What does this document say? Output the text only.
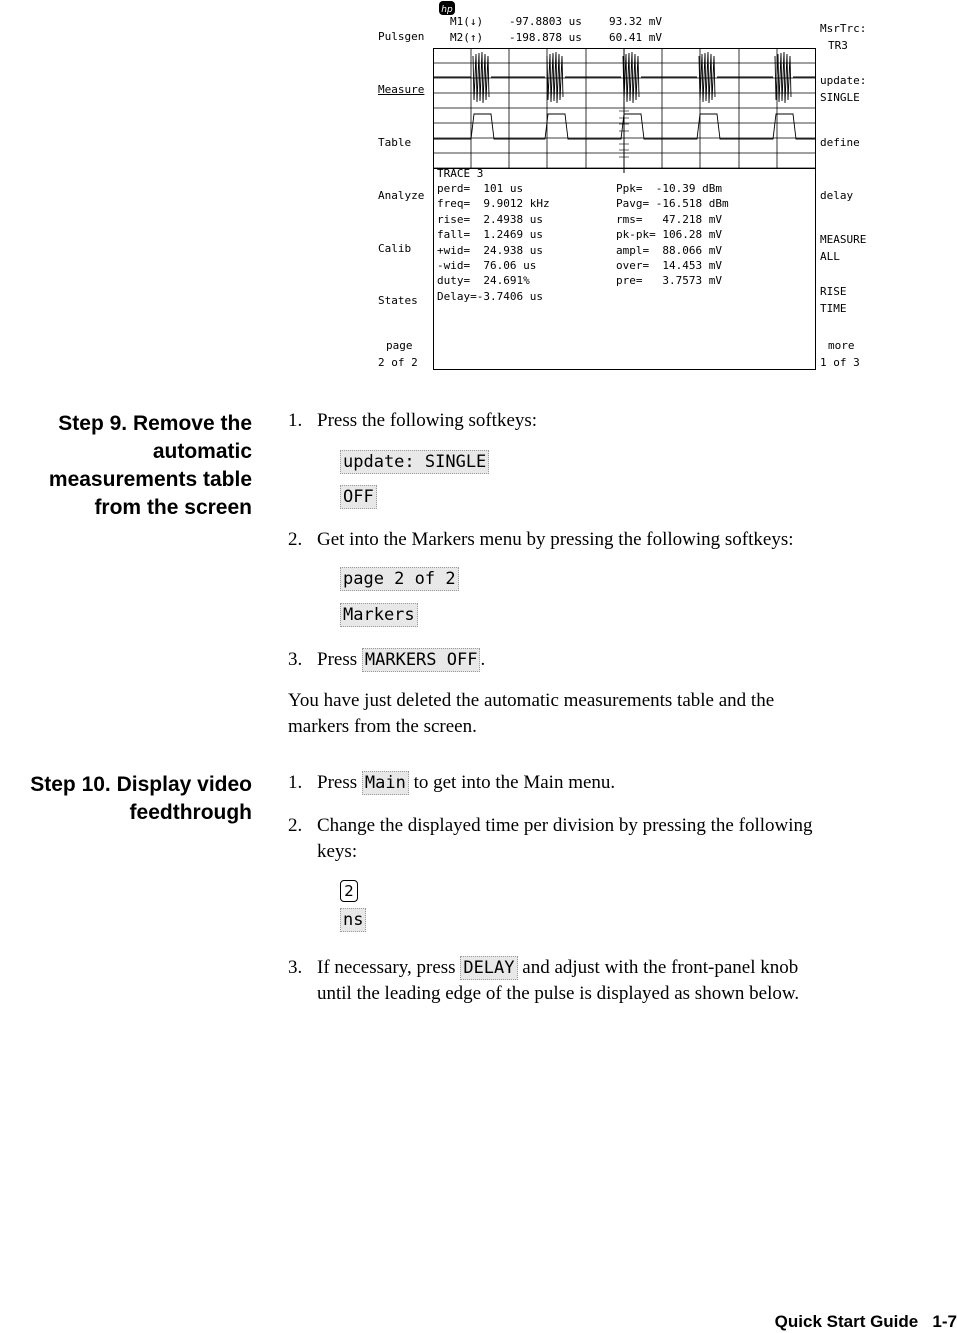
hp
Pulsgen
Measure
Table
Analyze
Calib
States
page
2 of 2
MsrTrc:
TR3
update:
SINGLE
define
delay
MEASURE
ALL
RISE
TIME
more
1 of 3
M1(↓) -97.8803 us 93.32 mV
M2(↑) -198.878 us 60.41 mV
TRACE 3
perd=  101 us
freq=  9.9012 kHz
rise=  2.4938 us
fall=  1.2469 us
+wid=  24.938 us
-wid=  76.06 us
duty=  24.691%
Delay=-3.7406 us
Ppk=  -10.39 dBm
Pavg= -16.518 dBm
rms=   47.218 mV
pk-pk= 106.28 mV
ampl=  88.066 mV
over=  14.453 mV
pre=   3.7573 mV
Step 9. Remove the
automatic
measurements table
from the screen
1. Press the following softkeys:
update: SINGLE
OFF
2. Get into the Markers menu by pressing the following softkeys:
page 2 of 2
Markers
3. Press MARKERS OFF .
You have just deleted the automatic measurements table and the
markers from the screen.
Step 10. Display video
feedthrough
1. Press Main to get into the Main menu.
2. Change the displayed time per division by pressing the following
keys:
2
ns
3. If necessary, press DELAY and adjust with the front-panel knob
until the leading edge of the pulse is displayed as shown below.
Quick Start Guide 1-7
